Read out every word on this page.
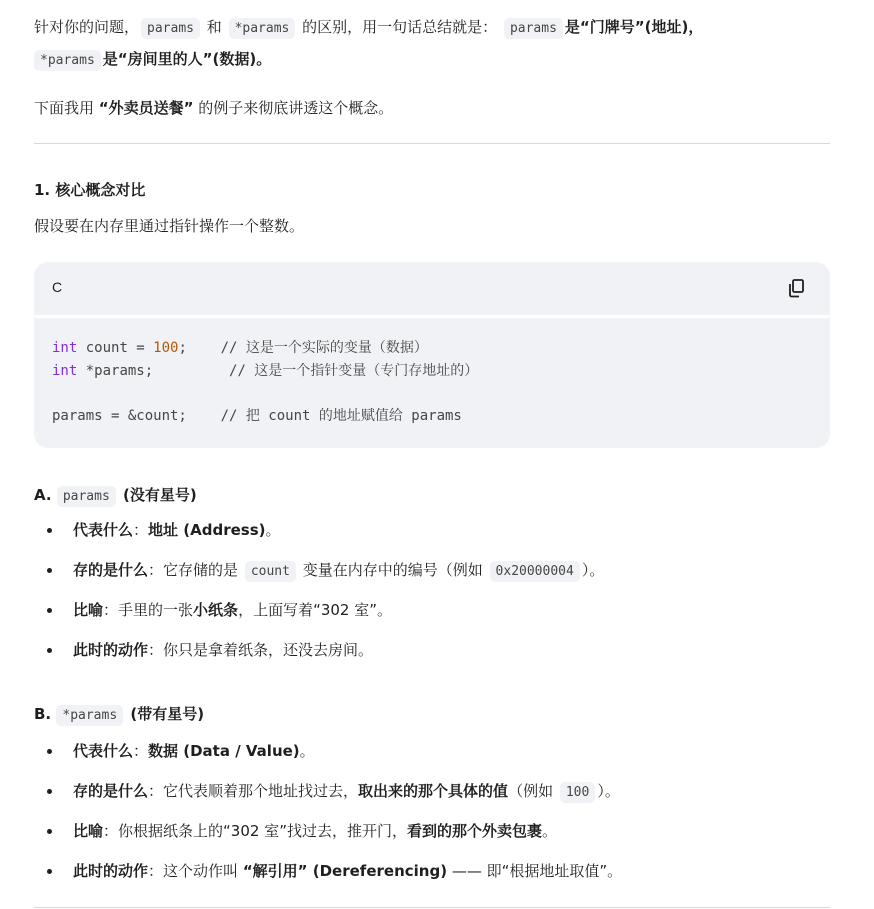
针对你的问题， params 和 *params 的区别，用一句话总结就是： params 是“门牌号”(地址)，
*params 是“房间里的人”(数据)。

下面我用 “外卖员送餐” 的例子来彻底讲透这个概念。

1. 核心概念对比

假设要在内存里通过指针操作一个整数。

C
int count = 100; // 这是一个实际的变量（数据）
int *params;	// 这是一个指针变量（专门存地址的）

params = &count; // 把 count 的地址赋值给 params

A. params (没有星号)

代表什么：地址 (Address)。
存的是什么：它存储的是 count 变量在内存中的编号（例如 0x20000004 ）。
比喻：手里的一张小纸条，上面写着“302 室”。
此时的动作：你只是拿着纸条，还没去房间。

B. *params (带有星号)

代表什么：数据 (Data / Value)。
存的是什么：它代表顺着那个地址找过去，取出来的那个具体的值（例如 100 ）。
比喻：你根据纸条上的“302 室”找过去，推开门，看到的那个外卖包裹。
此时的动作：这个动作叫 “解引用” (Dereferencing) —— 即“根据地址取值”。
